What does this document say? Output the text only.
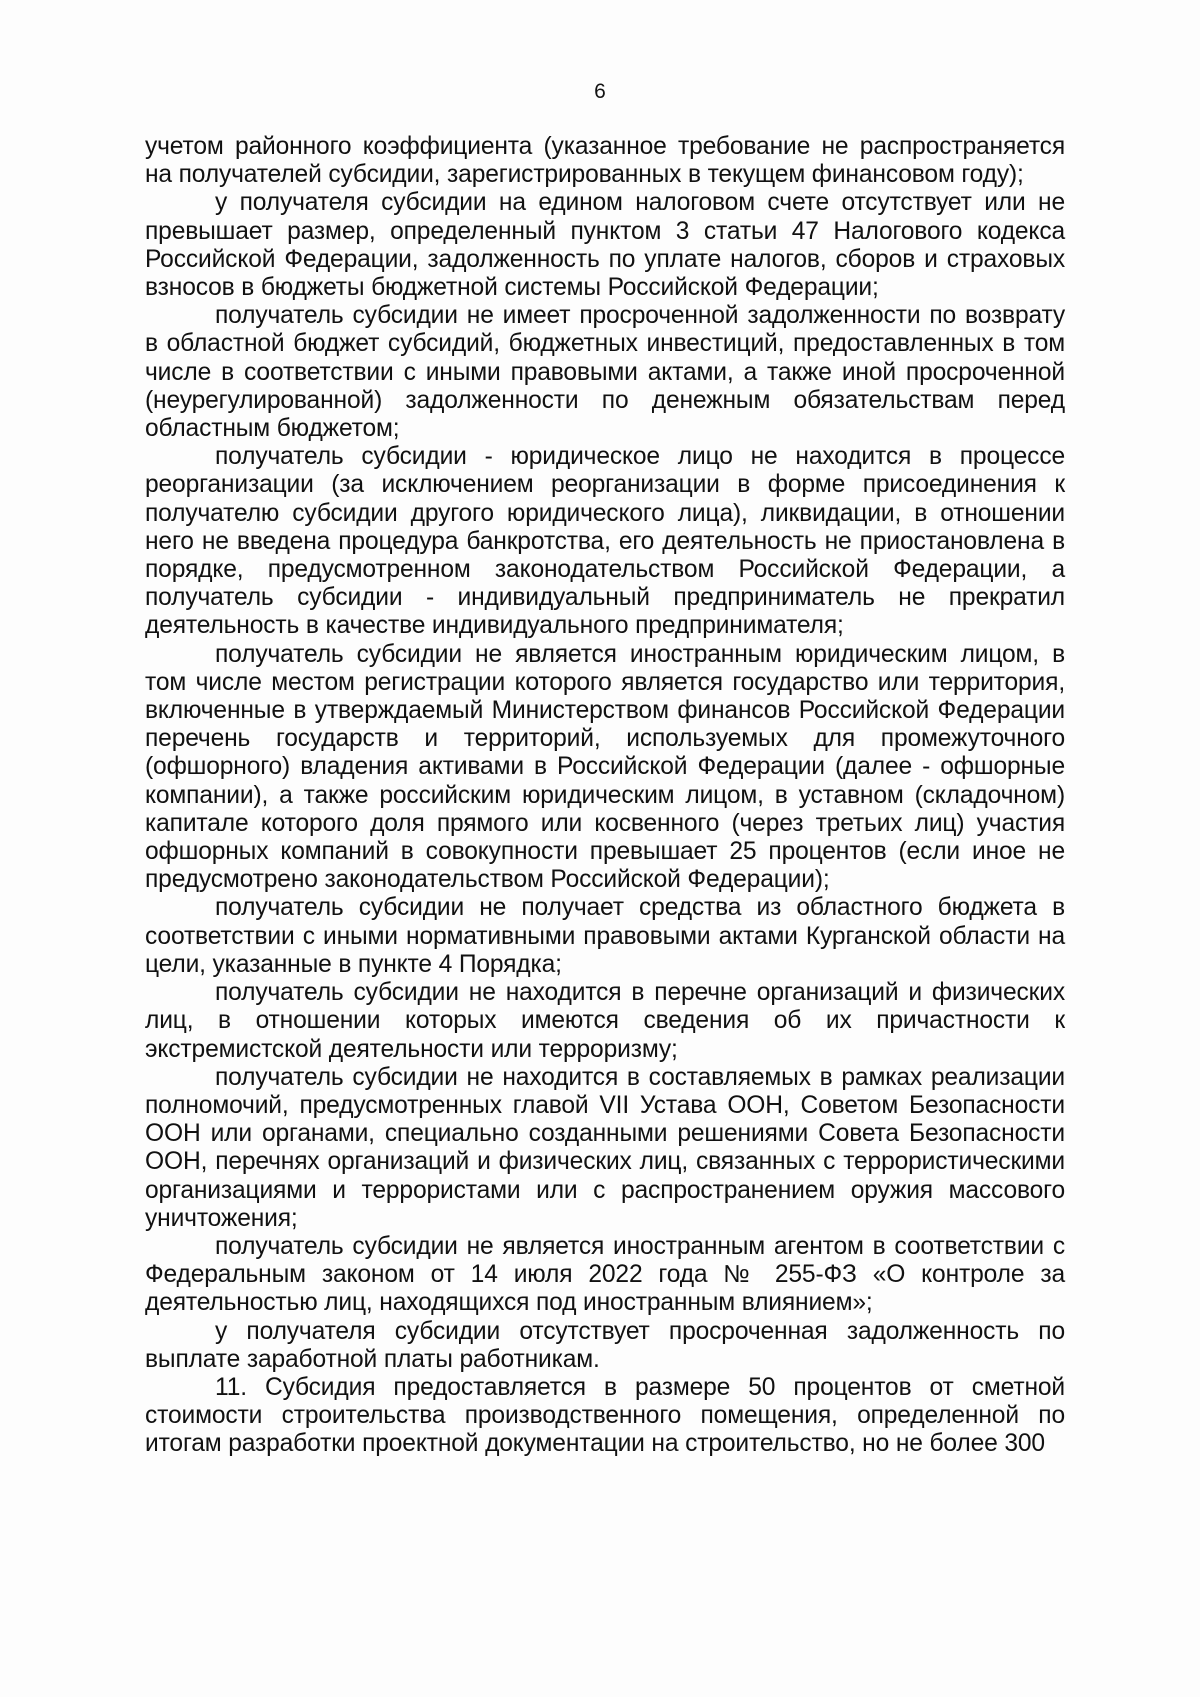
6

учетом районного коэффициента (указанное требование не распространяется на получателей субсидии, зарегистрированных в текущем финансовом году);

у получателя субсидии на едином налоговом счете отсутствует или не превышает размер, определенный пунктом 3 статьи 47 Налогового кодекса Российской Федерации, задолженность по уплате налогов, сборов и страховых взносов в бюджеты бюджетной системы Российской Федерации;

получатель субсидии не имеет просроченной задолженности по возврату в областной бюджет субсидий, бюджетных инвестиций, предоставленных в том числе в соответствии с иными правовыми актами, а также иной просроченной (неурегулированной) задолженности по денежным обязательствам перед областным бюджетом;

получатель субсидии - юридическое лицо не находится в процессе реорганизации (за исключением реорганизации в форме присоединения к получателю субсидии другого юридического лица), ликвидации, в отношении него не введена процедура банкротства, его деятельность не приостановлена в порядке, предусмотренном законодательством Российской Федерации, а получатель субсидии - индивидуальный предприниматель не прекратил деятельность в качестве индивидуального предпринимателя;

получатель субсидии не является иностранным юридическим лицом, в том числе местом регистрации которого является государство или территория, включенные в утверждаемый Министерством финансов Российской Федерации перечень государств и территорий, используемых для промежуточного (офшорного) владения активами в Российской Федерации (далее - офшорные компании), а также российским юридическим лицом, в уставном (складочном) капитале которого доля прямого или косвенного (через третьих лиц) участия офшорных компаний в совокупности превышает 25 процентов (если иное не предусмотрено законодательством Российской Федерации);

получатель субсидии не получает средства из областного бюджета в соответствии с иными нормативными правовыми актами Курганской области на цели, указанные в пункте 4 Порядка;

получатель субсидии не находится в перечне организаций и физических лиц, в отношении которых имеются сведения об их причастности к экстремистской деятельности или терроризму;

получатель субсидии не находится в составляемых в рамках реализации полномочий, предусмотренных главой VII Устава ООН, Советом Безопасности ООН или органами, специально созданными решениями Совета Безопасности ООН, перечнях организаций и физических лиц, связанных с террористическими организациями и террористами или с распространением оружия массового уничтожения;

получатель субсидии не является иностранным агентом в соответствии с Федеральным законом от 14 июля 2022 года № 255-ФЗ «О контроле за деятельностью лиц, находящихся под иностранным влиянием»;

у получателя субсидии отсутствует просроченная задолженность по выплате заработной платы работникам.

11. Субсидия предоставляется в размере 50 процентов от сметной стоимости строительства производственного помещения, определенной по итогам разработки проектной документации на строительство, но не более 300
